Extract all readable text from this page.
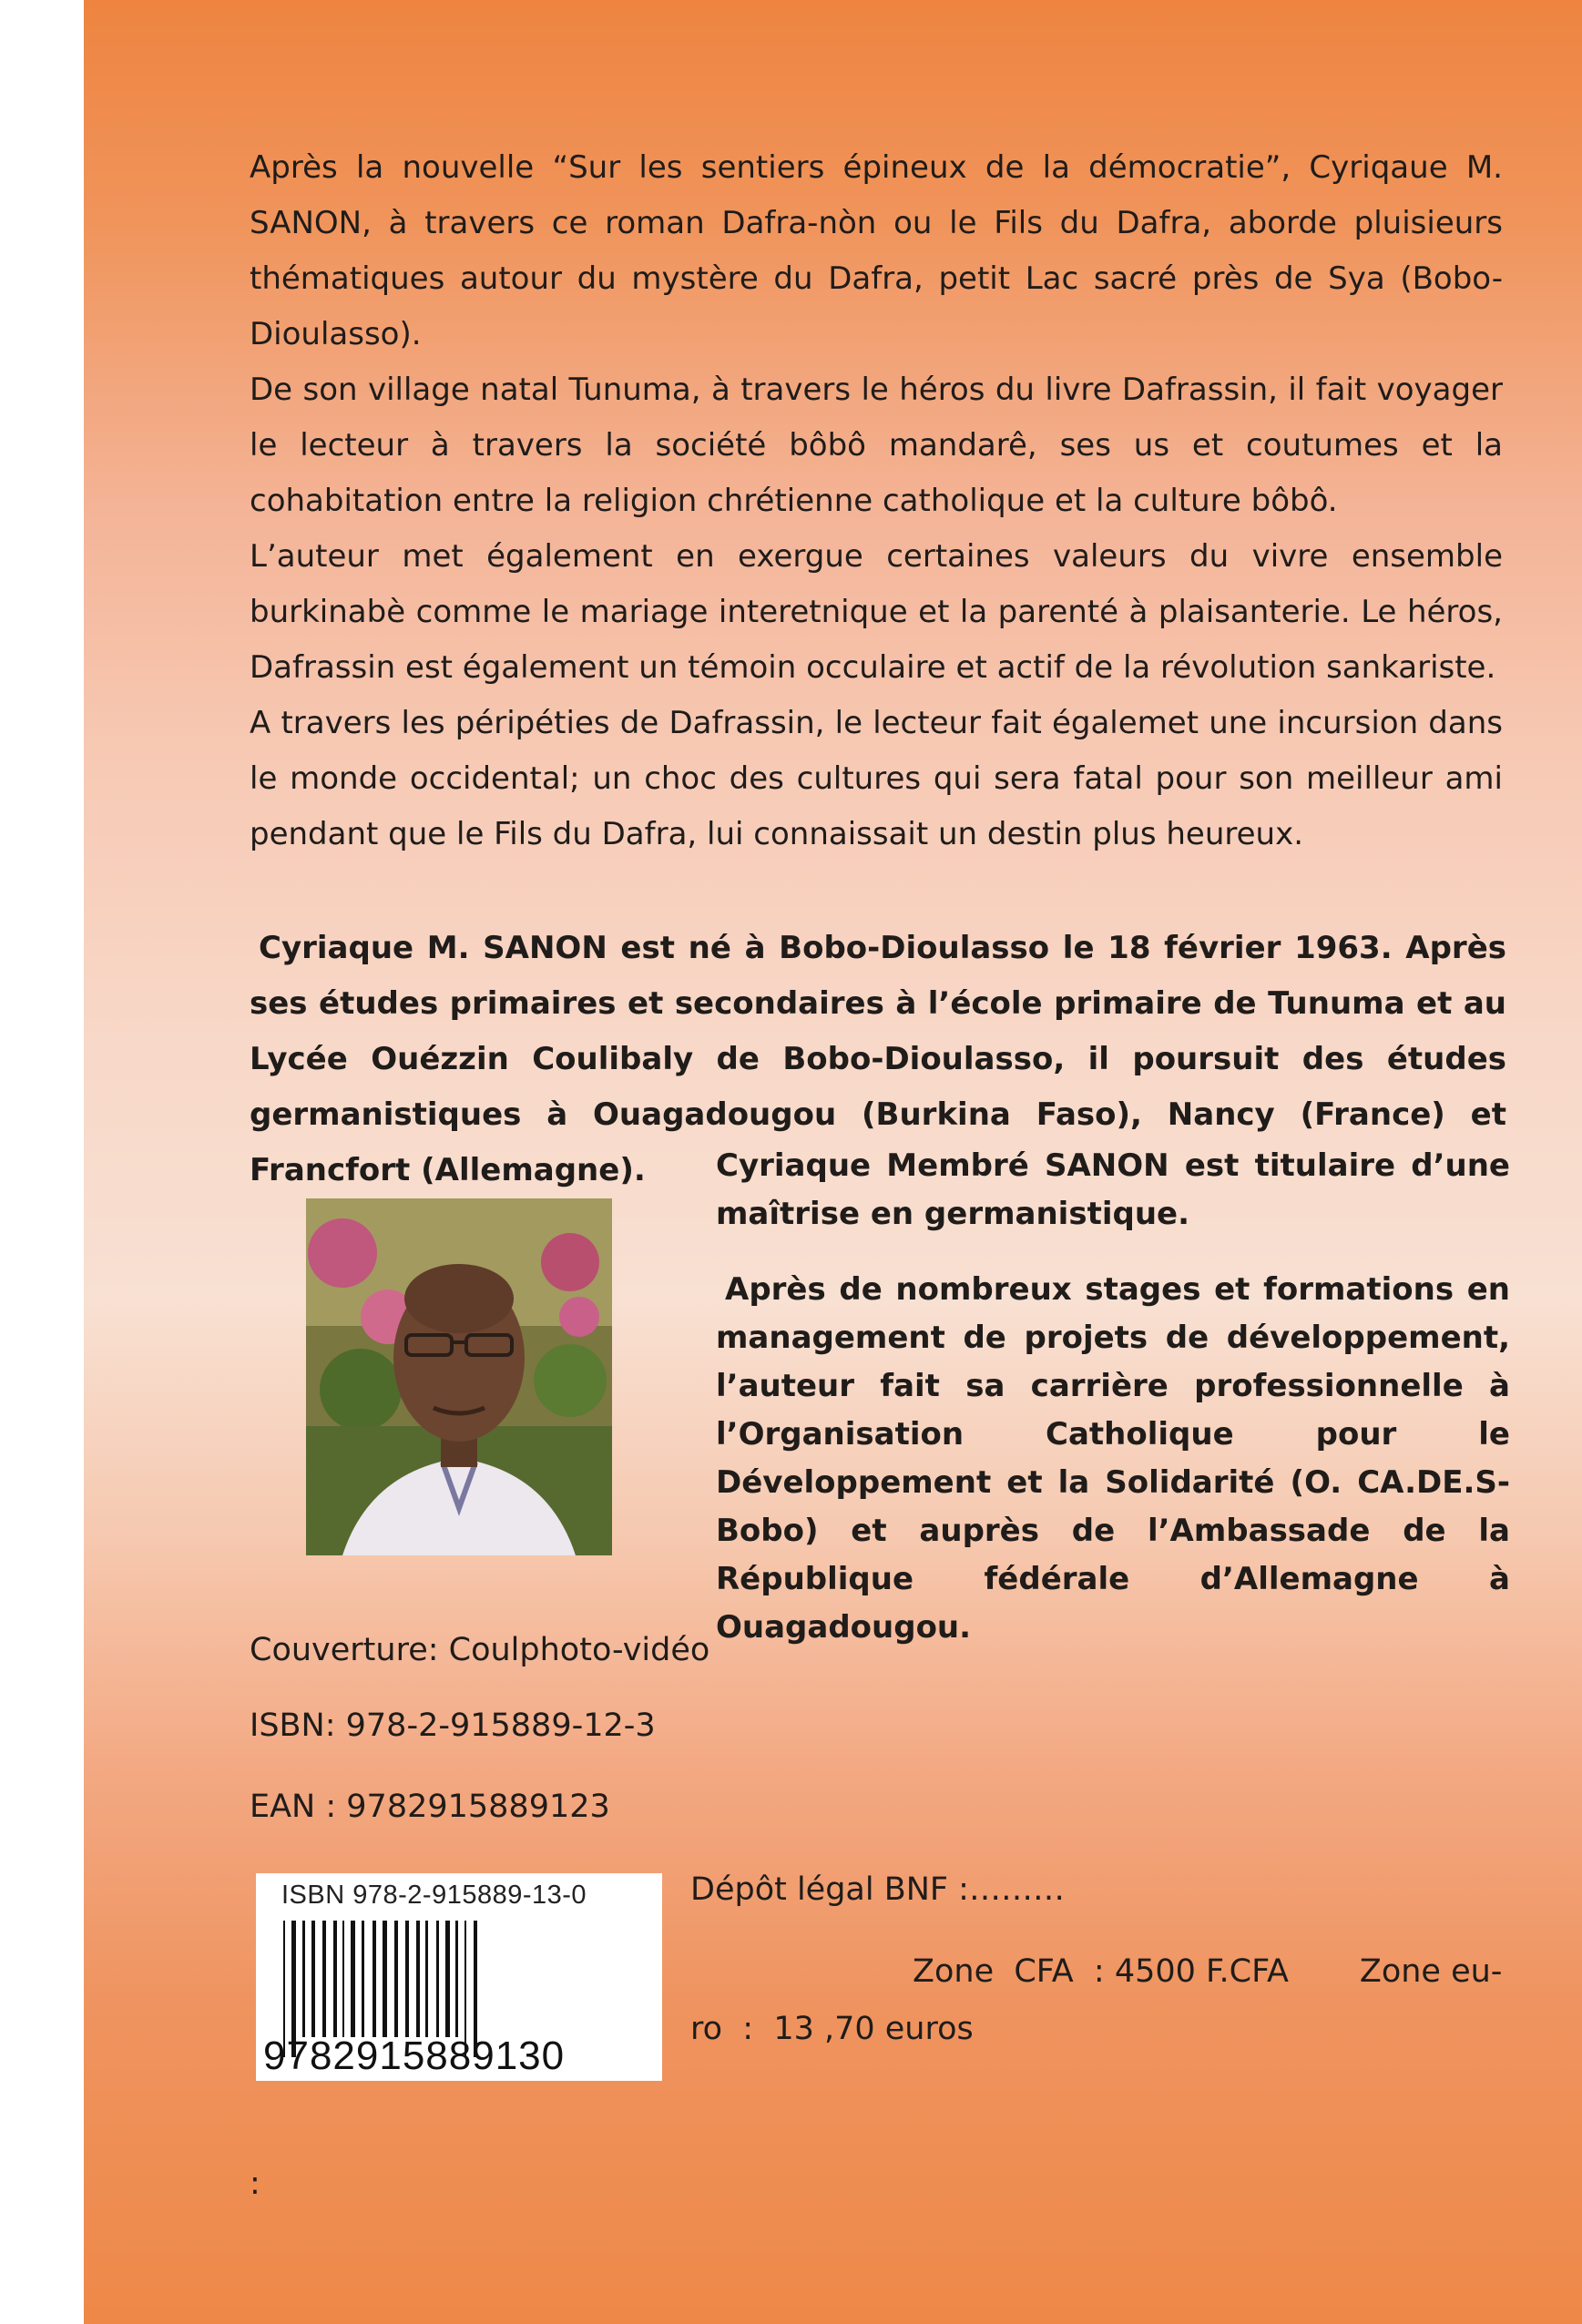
Après la nouvelle “Sur les sentiers épineux de la démocratie”, Cyriqaue M. SANON, à travers ce roman Dafra-nòn ou le Fils du Dafra, aborde pluisieurs thématiques autour du mystère du Dafra, petit Lac sacré près de Sya (Bobo-Dioulasso).
De son village natal Tunuma, à travers le héros du livre Dafrassin, il fait voyager le lecteur à travers la société bôbô mandarê, ses us et coutumes et la cohabitation entre la religion chrétienne catholique et la culture bôbô.
L’auteur met également en exergue certaines valeurs du vivre ensemble burkinabè comme le mariage interetnique et la parenté à plaisanterie. Le héros, Dafrassin est également un témoin occulaire et actif de la révolution sankariste.
A travers les péripéties de Dafrassin, le lecteur fait égalemet une incursion dans le monde occidental; un choc des cultures qui sera fatal pour son meilleur ami pendant que le Fils du Dafra, lui connaissait un destin plus heureux.
Cyriaque M. SANON est né à Bobo-Dioulasso le 18 février 1963. Après ses études primaires et secondaires à l’école primaire de Tunuma et au Lycée Ouézzin Coulibaly de Bobo-Dioulasso, il poursuit des études germanistiques à Ouagadougou (Burkina Faso), Nancy (France) et Francfort (Allemagne).	Cyriaque Membré SANON est titulaire d’une maîtrise en germanistique.
Après de nombreux stages et formations en management de projets de développement, l’auteur fait sa carrière professionnelle à l’Organisation Catholique pour le Développement et la Solidarité (O. CA.DE.S-Bobo) et auprès de l’Ambassade de la République fédérale d’Allemagne à Ouagadougou.
Couverture: Coulphoto-vidéo
ISBN: 978-2-915889-12-3
EAN : 9782915889123
ISBN 978-2-915889-13-0
9782915889130
Dépôt légal BNF :………
Zone  CFA  : 4500 F.CFA       Zone eu-
ro  :  13 ,70 euros
:
